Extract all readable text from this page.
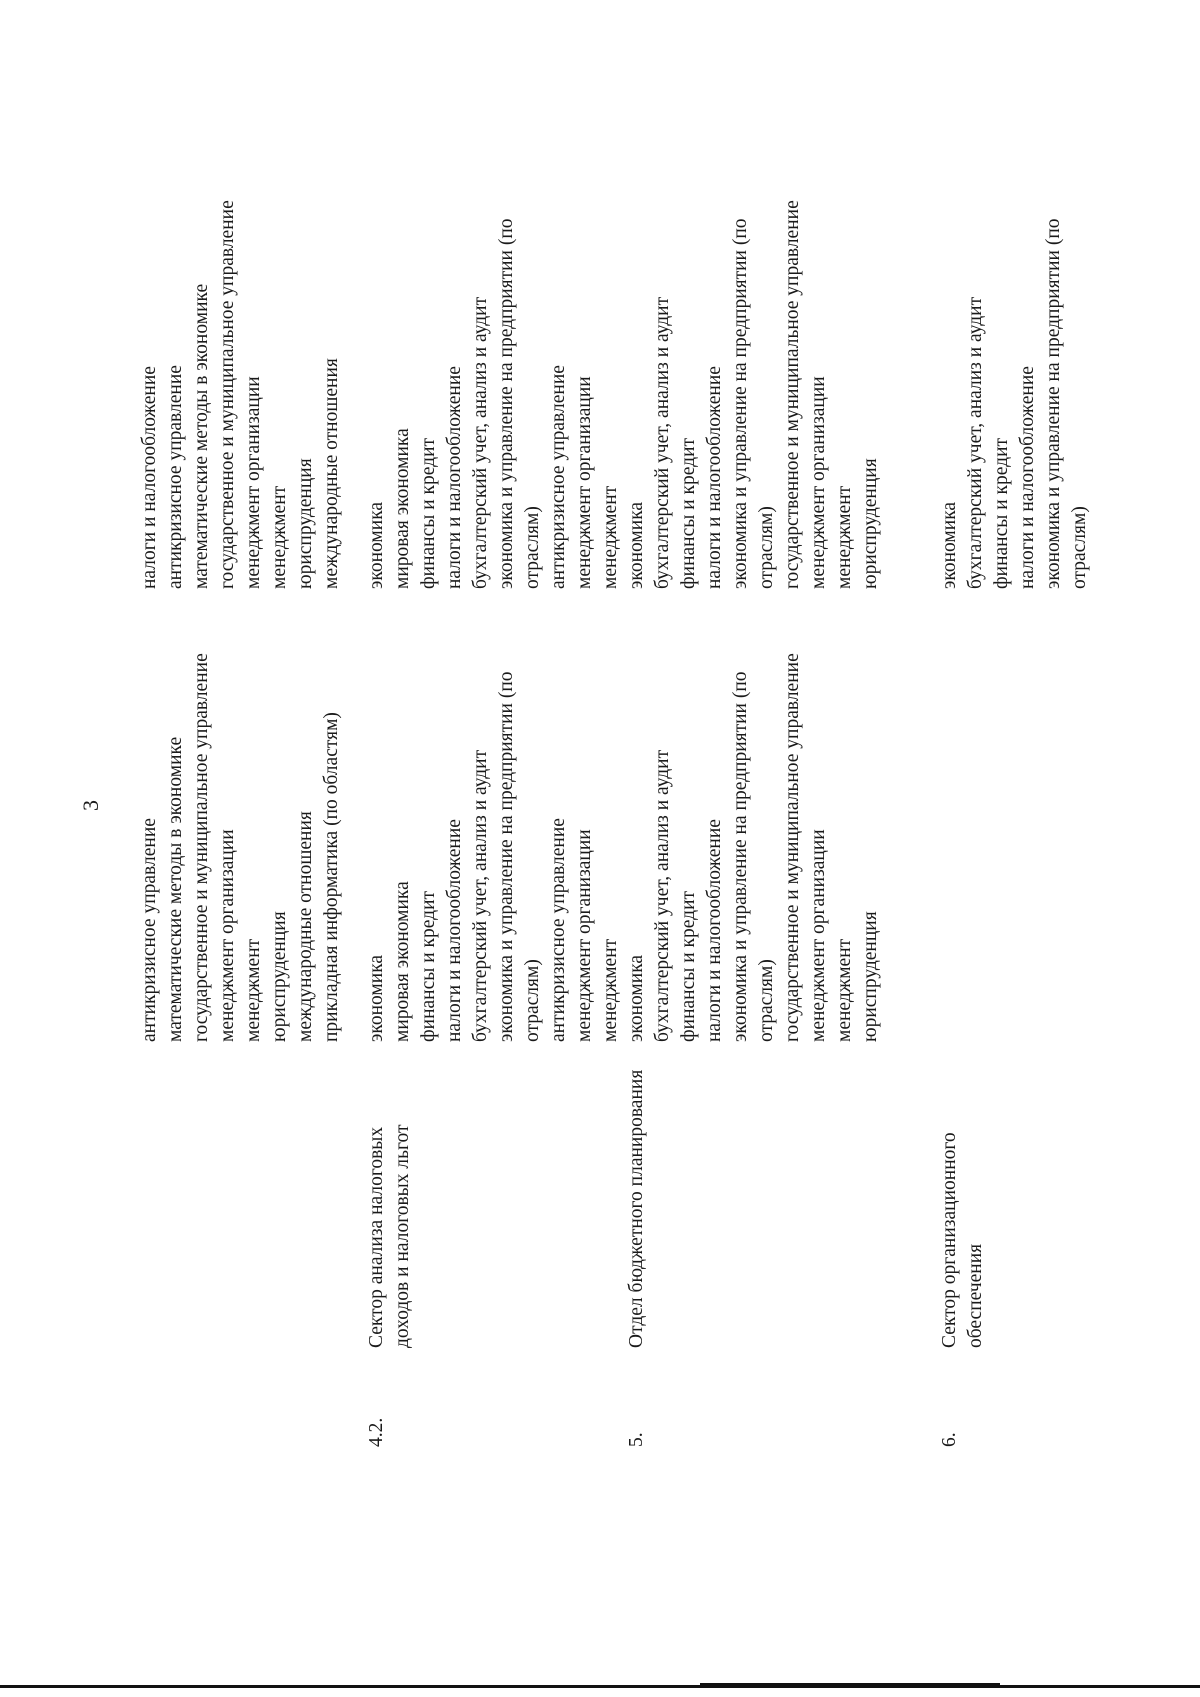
3
антикризисное управление математические методы в экономике государственное и муниципальное управление менеджмент организации менеджмент юриспруденция международные отношения прикладная информатика (по областям)
налоги и налогообложение антикризисное управление математические методы в экономике государственное и муниципальное управление менеджмент организации менеджмент юриспруденция международные отношения
4.2.
Сектор анализа налоговых доходов и налоговых льгот
экономика мировая экономика финансы и кредит налоги и налогообложение бухгалтерский учет, анализ и аудит экономика и управление на предприятии (по отраслям) антикризисное управление менеджмент организации менеджмент
экономика мировая экономика финансы и кредит налоги и налогообложение бухгалтерский учет, анализ и аудит экономика и управление на предприятии (по отраслям) антикризисное управление менеджмент организации менеджмент
5.
Отдел бюджетного планирования
экономика бухгалтерский учет, анализ и аудит финансы и кредит налоги и налогообложение экономика и управление на предприятии (по отраслям) государственное и муниципальное управление менеджмент организации менеджмент юриспруденция
экономика бухгалтерский учет, анализ и аудит финансы и кредит налоги и налогообложение экономика и управление на предприятии (по отраслям) государственное и муниципальное управление менеджмент организации менеджмент юриспруденция
6.
Сектор организационного обеспечения
экономика бухгалтерский учет, анализ и аудит финансы и кредит налоги и налогообложение экономика и управление на предприятии (по отраслям)
